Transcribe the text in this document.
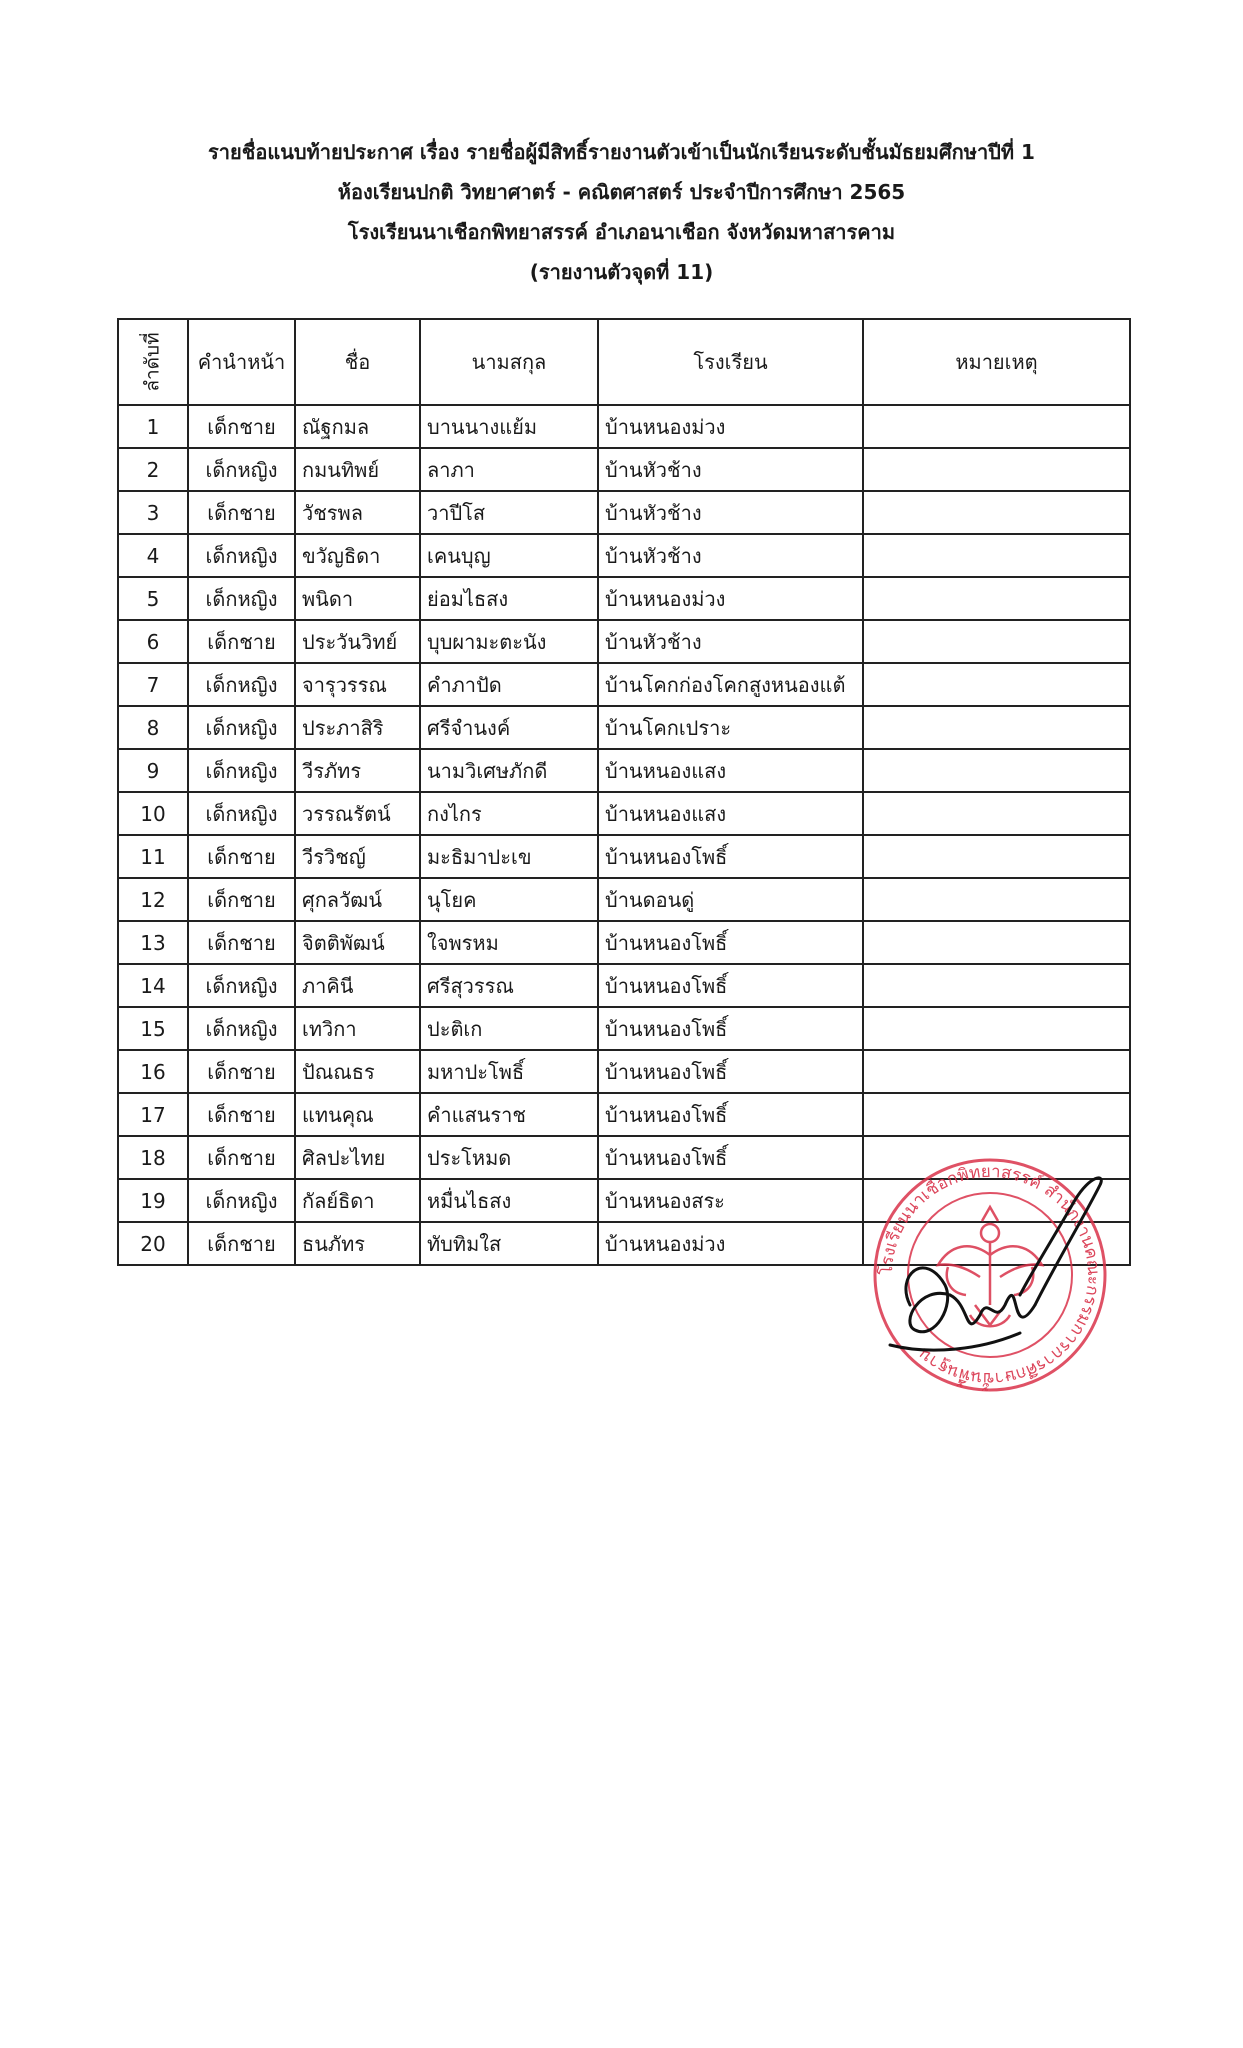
รายชื่อแนบท้ายประกาศ เรื่อง รายชื่อผู้มีสิทธิ์รายงานตัวเข้าเป็นนักเรียนระดับชั้นมัธยมศึกษาปีที่ 1
ห้องเรียนปกติ วิทยาศาตร์ - คณิตศาสตร์ ประจำปีการศึกษา 2565
โรงเรียนนาเชือกพิทยาสรรค์ อำเภอนาเชือก จังหวัดมหาสารคาม
(รายงานตัวจุดที่ 11)
ลำดับที่	คำนำหน้า	ชื่อ	นามสกุล	โรงเรียน	หมายเหตุ
1	เด็กชาย	ณัฐกมล	บานนางแย้ม	บ้านหนองม่วง	
2	เด็กหญิง	กมนทิพย์	ลาภา	บ้านหัวช้าง	
3	เด็กชาย	วัชรพล	วาปีโส	บ้านหัวช้าง	
4	เด็กหญิง	ขวัญธิดา	เคนบุญ	บ้านหัวช้าง	
5	เด็กหญิง	พนิดา	ย่อมไธสง	บ้านหนองม่วง	
6	เด็กชาย	ประวันวิทย์	บุบผามะตะนัง	บ้านหัวช้าง	
7	เด็กหญิง	จารุวรรณ	คำภาปัด	บ้านโคกก่องโคกสูงหนองแต้	
8	เด็กหญิง	ประภาสิริ	ศรีจำนงค์	บ้านโคกเปราะ	
9	เด็กหญิง	วีรภัทร	นามวิเศษภักดี	บ้านหนองแสง	
10	เด็กหญิง	วรรณรัตน์	กงไกร	บ้านหนองแสง	
11	เด็กชาย	วีรวิชญ์	มะธิมาปะเข	บ้านหนองโพธิ์	
12	เด็กชาย	ศุกลวัฒน์	นุโยค	บ้านดอนดู่	
13	เด็กชาย	จิตติพัฒน์	ใจพรหม	บ้านหนองโพธิ์	
14	เด็กหญิง	ภาคินี	ศรีสุวรรณ	บ้านหนองโพธิ์	
15	เด็กหญิง	เทวิกา	ปะติเก	บ้านหนองโพธิ์	
16	เด็กชาย	ปัณณธร	มหาปะโพธิ์	บ้านหนองโพธิ์	
17	เด็กชาย	แทนคุณ	คำแสนราช	บ้านหนองโพธิ์	
18	เด็กชาย	ศิลปะไทย	ประโหมด	บ้านหนองโพธิ์	
19	เด็กหญิง	กัลย์ธิดา	หมื่นไธสง	บ้านหนองสระ	
20	เด็กชาย	ธนภัทร	ทับทิมใส	บ้านหนองม่วง	
โรงเรียนนาเชือกพิทยาสรรค์ สำนักงานคณะกรรมการการศึกษาขั้นพื้นฐาน
